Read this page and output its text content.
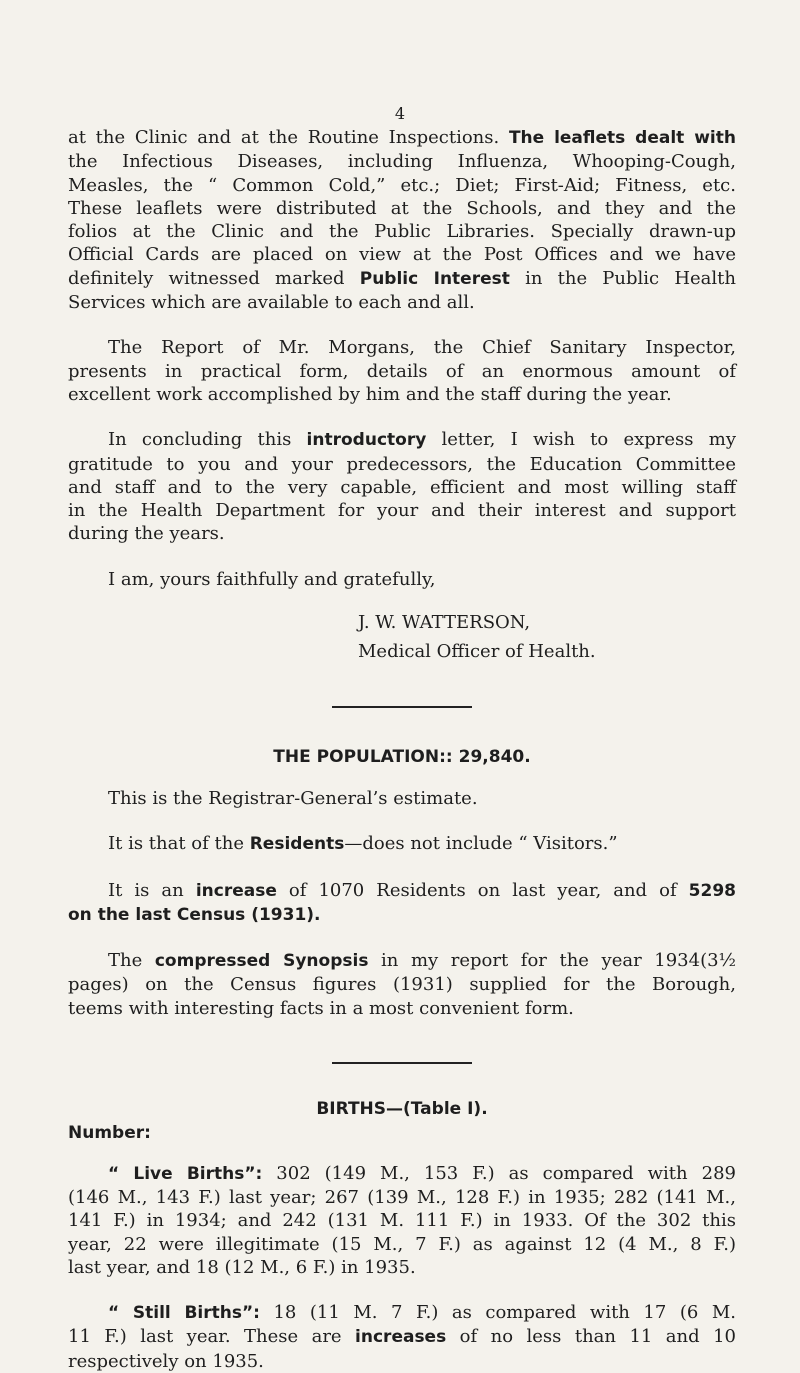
4

at the Clinic and at the Routine Inspections. The leaflets dealt with

the Infectious Diseases, including Influenza, Whooping-Cough,

Measles, the “ Common Cold,” etc.; Diet; First-Aid; Fitness, etc.

These leaflets were distributed at the Schools, and they and the

folios at the Clinic and the Public Libraries. Specially drawn-up

Official Cards are placed on view at the Post Offices and we have

definitely witnessed marked Public Interest in the Public Health

Services which are available to each and all.

The Report of Mr. Morgans, the Chief Sanitary Inspector,

presents in practical form, details of an enormous amount of

excellent work accomplished by him and the staff during the year.

In concluding this introductory letter, I wish to express my

gratitude to you and your predecessors, the Education Committee

and staff and to the very capable, efficient and most willing staff

in the Health Department for your and their interest and support

during the years.

I am, yours faithfully and gratefully,

J. W. WATTERSON,

Medical Officer of Health.

THE POPULATION:: 29,840.

This is the Registrar-General’s estimate.

It is that of the Residents—does not include “ Visitors.”

It is an increase of 1070 Residents on last year, and of 5298

on the last Census (1931).

The compressed Synopsis in my report for the year 1934(3½

pages) on the Census figures (1931) supplied for the Borough,

teems with interesting facts in a most convenient form.

BIRTHS—(Table I).

Number:

“ Live Births”: 302 (149 M., 153 F.) as compared with 289

(146 M., 143 F.) last year; 267 (139 M., 128 F.) in 1935; 282 (141 M.,

141 F.) in 1934; and 242 (131 M. 111 F.) in 1933. Of the 302 this

year, 22 were illegitimate (15 M., 7 F.) as against 12 (4 M., 8 F.)

last year, and 18 (12 M., 6 F.) in 1935.

“ Still Births”: 18 (11 M. 7 F.) as compared with 17 (6 M.

11 F.) last year. These are increases of no less than 11 and 10

respectively on 1935.
